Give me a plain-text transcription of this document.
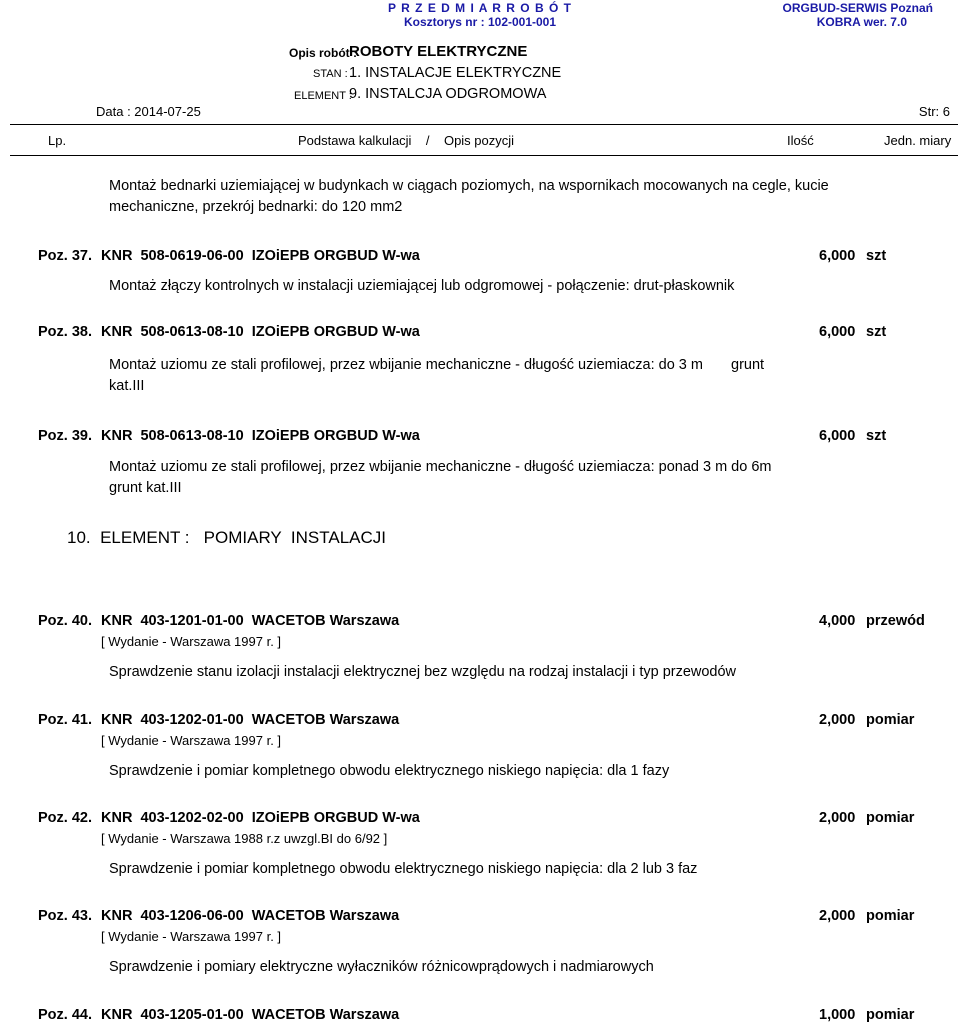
P R Z E D M I A R R O B Ó T
Kosztorys nr : 102-001-001
ORGBUD-SERWIS Poznań
KOBRA wer. 7.0
Opis robót :
ROBOTY ELEKTRYCZNE
STAN : 1. INSTALACJE ELEKTRYCZNE
ELEMENT :
9. INSTALCJA ODGROMOWA
Data : 2014-07-25	Str: 6
Lp.	Podstawa kalkulacji    /    Opis pozycji	Ilość	Jedn. miary
Montaż bednarki uziemiającej w budynkach w ciągach poziomych, na wspornikach mocowanych na cegle, kucie mechaniczne, przekrój bednarki: do 120 mm2
Poz. 37. KNR  508-0619-06-00  IZOiEPB ORGBUD W-wa	6,000 szt
Montaż złączy kontrolnych w instalacji uziemiającej lub odgromowej - połączenie: drut-płaskownik
Poz. 38. KNR  508-0613-08-10  IZOiEPB ORGBUD W-wa	6,000 szt
Montaż uziomu ze stali profilowej, przez wbijanie mechaniczne - długość uziemiacza: do 3 m kat.III
grunt
Poz. 39. KNR  508-0613-08-10  IZOiEPB ORGBUD W-wa	6,000 szt
Montaż uziomu ze stali profilowej, przez wbijanie mechaniczne - długość uziemiacza: ponad 3 m do 6m grunt kat.III
10.  ELEMENT :   POMIARY  INSTALACJI
Poz. 40. KNR  403-1201-01-00  WACETOB Warszawa	4,000 przewód
[ Wydanie - Warszawa 1997 r. ]
Sprawdzenie stanu izolacji instalacji elektrycznej bez względu na rodzaj instalacji i typ przewodów
Poz. 41. KNR  403-1202-01-00  WACETOB Warszawa	2,000 pomiar
[ Wydanie - Warszawa 1997 r. ]
Sprawdzenie i pomiar kompletnego obwodu elektrycznego niskiego napięcia: dla 1 fazy
Poz. 42. KNR  403-1202-02-00  IZOiEPB ORGBUD W-wa	2,000 pomiar
[ Wydanie - Warszawa 1988 r.z uwzgl.BI do 6/92 ]
Sprawdzenie i pomiar kompletnego obwodu elektrycznego niskiego napięcia: dla 2 lub 3 faz
Poz. 43. KNR  403-1206-06-00  WACETOB Warszawa	2,000 pomiar
[ Wydanie - Warszawa 1997 r. ]
Sprawdzenie i pomiary elektryczne wyłaczników różnicowprądowych i nadmiarowych
Poz. 44. KNR  403-1205-01-00  WACETOB Warszawa	1,000 pomiar
